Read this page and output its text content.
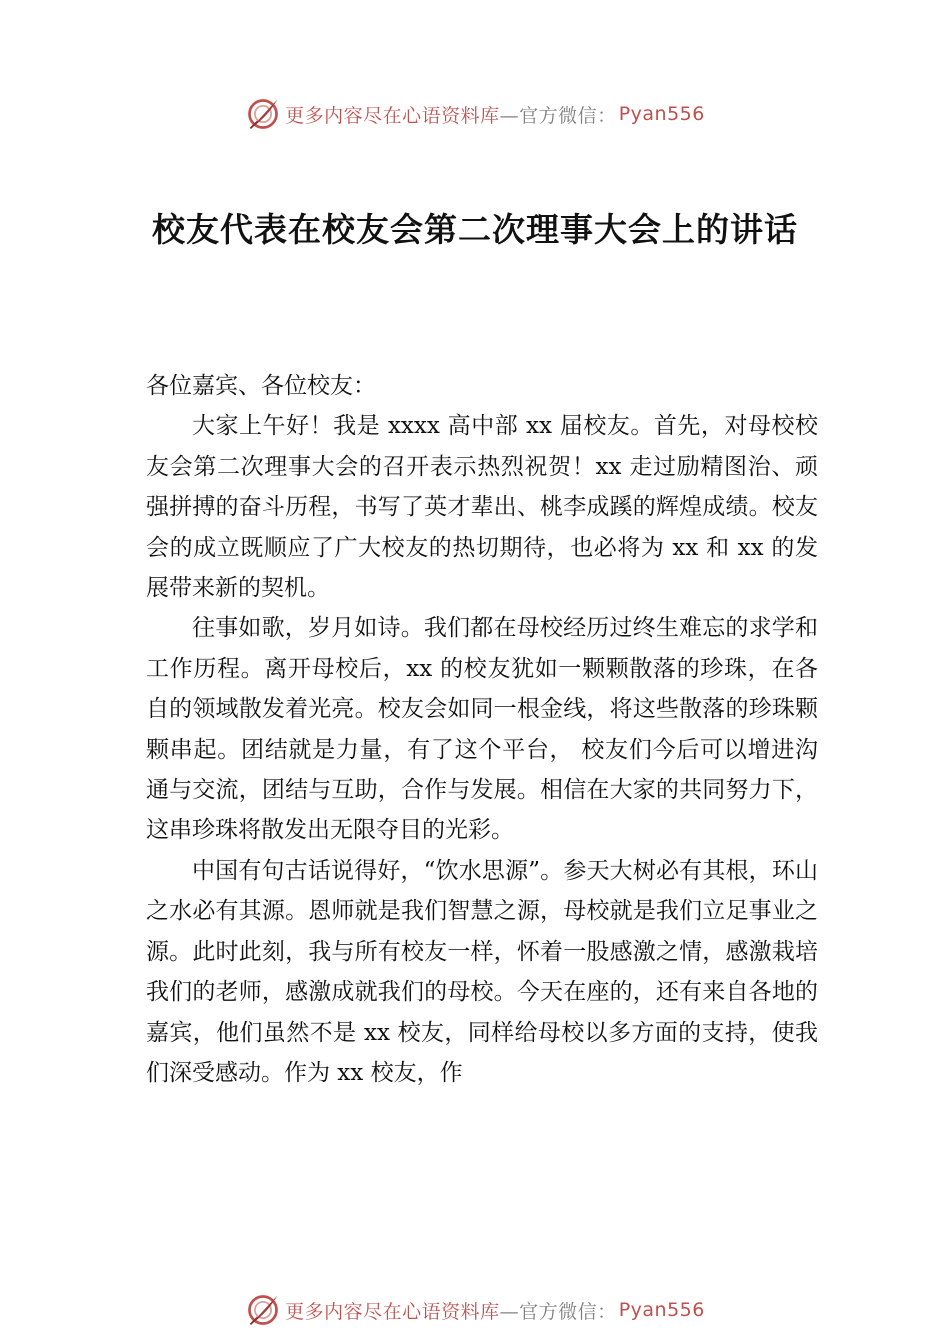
更多内容尽在心语资料库 —官方微信： Pyan556
校友代表在校友会第二次理事大会上的讲话

各位嘉宾、各位校友：

大家上午好！我是 xxxx 高中部 xx 届校友。首先，对母校校友会第二次理事大会的召开表示热烈祝贺！xx 走过励精图治、顽强拼搏的奋斗历程，书写了英才辈出、桃李成蹊的辉煌成绩。校友会的成立既顺应了广大校友的热切期待，也必将为 xx 和 xx 的发展带来新的契机。

往事如歌，岁月如诗。我们都在母校经历过终生难忘的求学和工作历程。离开母校后，xx 的校友犹如一颗颗散落的珍珠，在各自的领域散发着光亮。校友会如同一根金线，将这些散落的珍珠颗颗串起。团结就是力量，有了这个平台， 校友们今后可以增进沟通与交流，团结与互助，合作与发展。相信在大家的共同努力下，这串珍珠将散发出无限夺目的光彩。

中国有句古话说得好，“饮水思源”。参天大树必有其根，环山之水必有其源。恩师就是我们智慧之源，母校就是我们立足事业之源。此时此刻，我与所有校友一样，怀着一股感激之情，感激栽培我们的老师，感激成就我们的母校。今天在座的，还有来自各地的嘉宾，他们虽然不是 xx 校友，同样给母校以多方面的支持，使我们深受感动。作为 xx 校友，作

更多内容尽在心语资料库 —官方微信： Pyan556
